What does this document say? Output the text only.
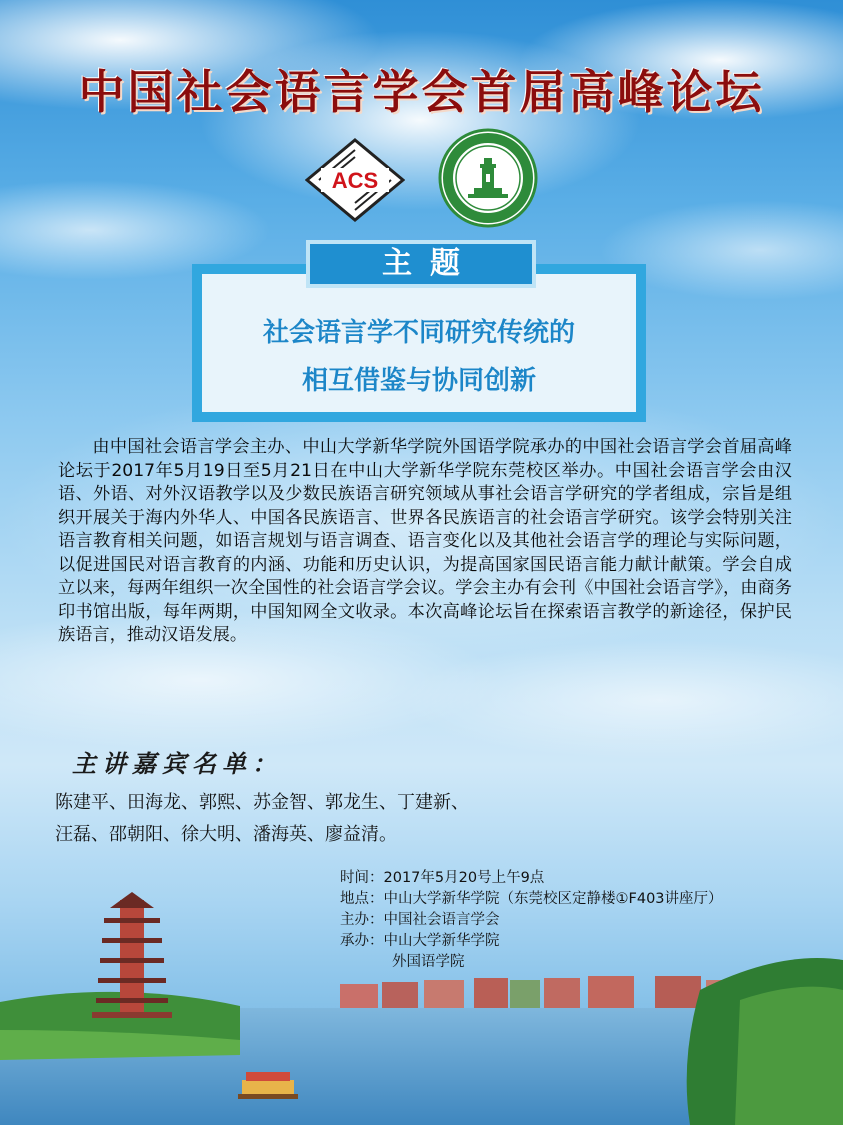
中国社会语言学会首届高峰论坛
ACS
主题
社会语言学不同研究传统的
相互借鉴与协同创新
由中国社会语言学会主办、中山大学新华学院外国语学院承办的中国社会语言学会首届高峰论坛于2017年5月19日至5月21日在中山大学新华学院东莞校区举办。中国社会语言学会由汉语、外语、对外汉语教学以及少数民族语言研究领域从事社会语言学研究的学者组成，宗旨是组织开展关于海内外华人、中国各民族语言、世界各民族语言的社会语言学研究。该学会特别关注语言教育相关问题，如语言规划与语言调查、语言变化以及其他社会语言学的理论与实际问题，以促进国民对语言教育的内涵、功能和历史认识，为提高国家国民语言能力献计献策。学会自成立以来，每两年组织一次全国性的社会语言学会议。学会主办有会刊《中国社会语言学》，由商务印书馆出版，每年两期，中国知网全文收录。本次高峰论坛旨在探索语言教学的新途径，保护民族语言，推动汉语发展。
主讲嘉宾名单：
陈建平、田海龙、郭熙、苏金智、郭龙生、丁建新、
汪磊、邵朝阳、徐大明、潘海英、廖益清。
时间：2017年5月20号上午9点
地点：中山大学新华学院（东莞校区定静楼①F403讲座厅）
主办：中国社会语言学会
承办：中山大学新华学院
外国语学院
